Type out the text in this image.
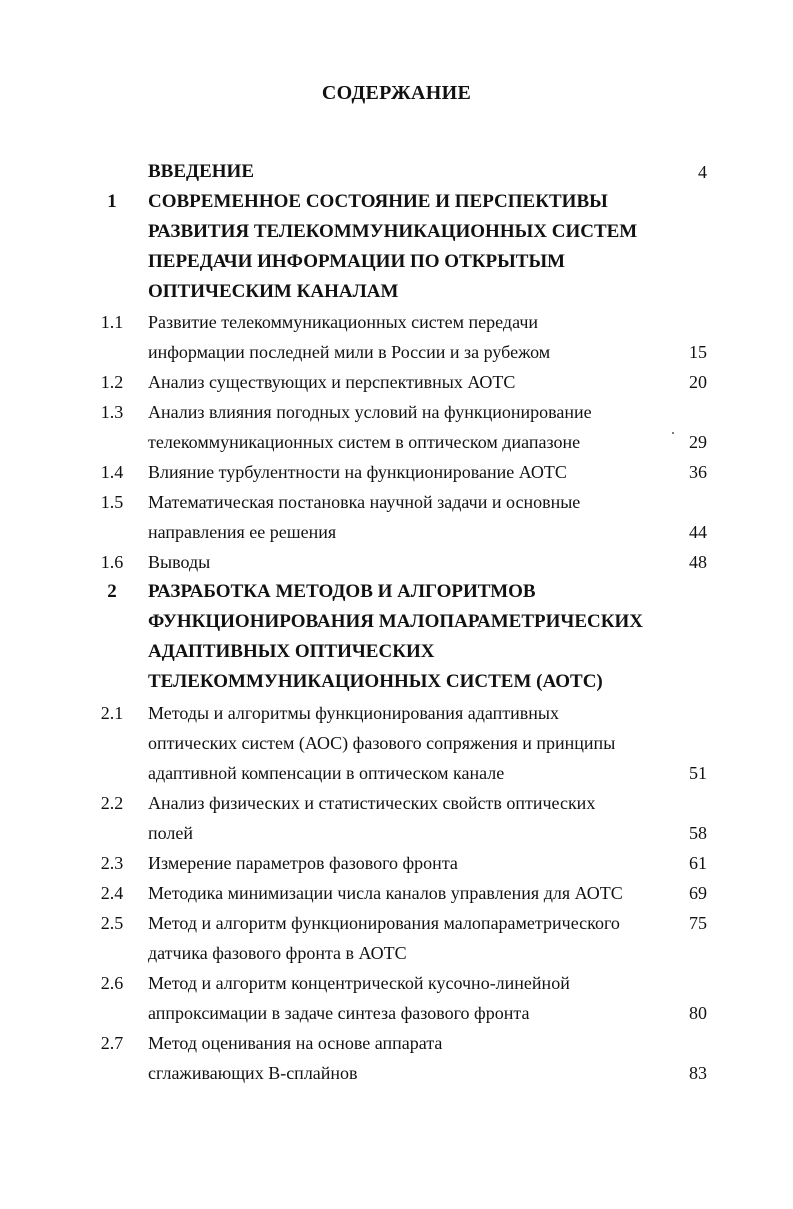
СОДЕРЖАНИЕ
ВВЕДЕНИЕ	4
1	СОВРЕМЕННОЕ СОСТОЯНИЕ И ПЕРСПЕКТИВЫ
РАЗВИТИЯ ТЕЛЕКОММУНИКАЦИОННЫХ СИСТЕМ
ПЕРЕДАЧИ ИНФОРМАЦИИ ПО ОТКРЫТЫМ
ОПТИЧЕСКИМ КАНАЛАМ
1.1	Развитие телекоммуникационных систем передачи
информации последней мили в России и за рубежом	15
1.2	Анализ существующих и перспективных АОТС	20
1.3	Анализ влияния погодных условий на функционирование
телекоммуникационных систем в оптическом диапазоне	29
1.4	Влияние турбулентности на функционирование АОТС	36
1.5	Математическая постановка научной задачи и основные
направления ее решения	44
1.6	Выводы	48
2	РАЗРАБОТКА МЕТОДОВ И АЛГОРИТМОВ
ФУНКЦИОНИРОВАНИЯ МАЛОПАРАМЕТРИЧЕСКИХ
АДАПТИВНЫХ ОПТИЧЕСКИХ
ТЕЛЕКОММУНИКАЦИОННЫХ СИСТЕМ (АОТС)
2.1	Методы и алгоритмы функционирования адаптивных
оптических систем (АОС) фазового сопряжения и принципы
адаптивной компенсации в оптическом канале	51
2.2	Анализ физических и статистических свойств оптических
полей	58
2.3	Измерение параметров фазового фронта	61
2.4	Методика минимизации числа каналов управления для АОТС	69
2.5	Метод и алгоритм функционирования малопараметрического	75
датчика фазового фронта в АОТС
2.6	Метод и алгоритм концентрической кусочно-линейной
аппроксимации в задаче синтеза фазового фронта	80
2.7	Метод оценивания на основе аппарата
сглаживающих В-сплайнов	83
